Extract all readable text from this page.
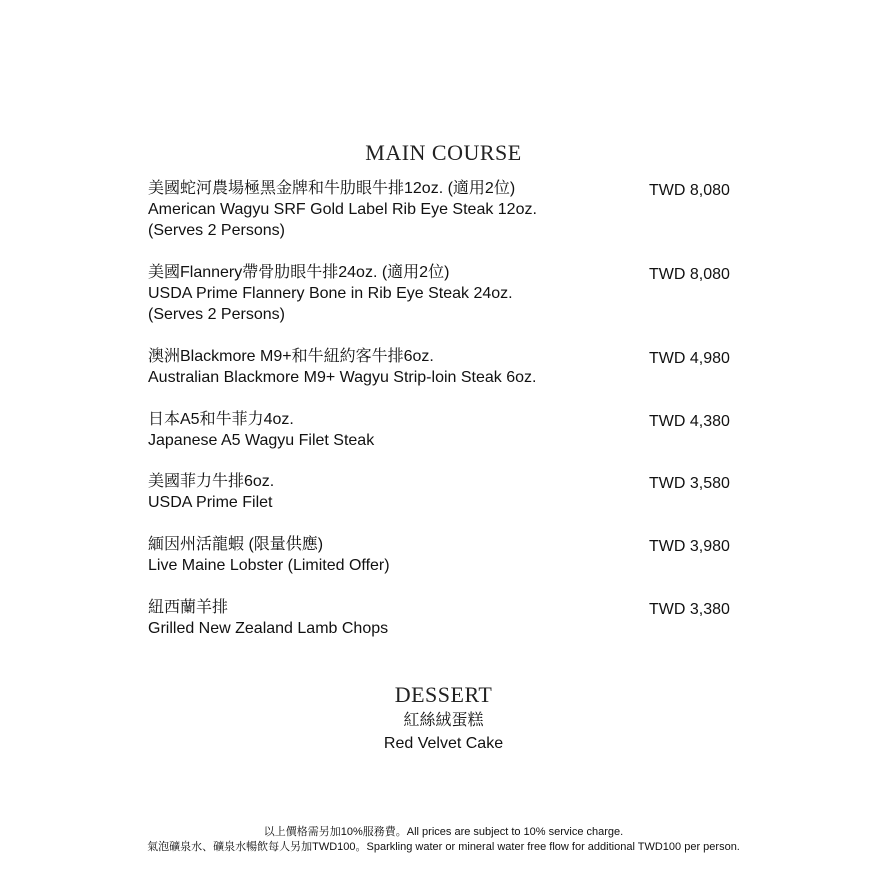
MAIN COURSE
美國蛇河農場極黑金牌和牛肋眼牛排12oz. (適用2位)
American Wagyu SRF Gold Label Rib Eye Steak 12oz.
(Serves 2 Persons)
TWD 8,080
美國Flannery帶骨肋眼牛排24oz. (適用2位)
USDA Prime Flannery Bone in Rib Eye Steak 24oz.
(Serves 2 Persons)
TWD 8,080
澳洲Blackmore M9+和牛紐約客牛排6oz.
Australian Blackmore M9+ Wagyu Strip-loin Steak 6oz.
TWD 4,980
日本A5和牛菲力4oz.
Japanese A5 Wagyu Filet Steak
TWD 4,380
美國菲力牛排6oz.
USDA Prime Filet
TWD 3,580
緬因州活龍蝦 (限量供應)
Live Maine Lobster (Limited Offer)
TWD 3,980
紐西蘭羊排
Grilled New Zealand Lamb Chops
TWD 3,380
DESSERT
紅絲絨蛋糕
Red Velvet Cake
以上價格需另加10%服務費。All prices are subject to 10% service charge.
氣泡礦泉水、礦泉水暢飲每人另加TWD100。Sparkling water or mineral water free flow for additional TWD100 per person.
